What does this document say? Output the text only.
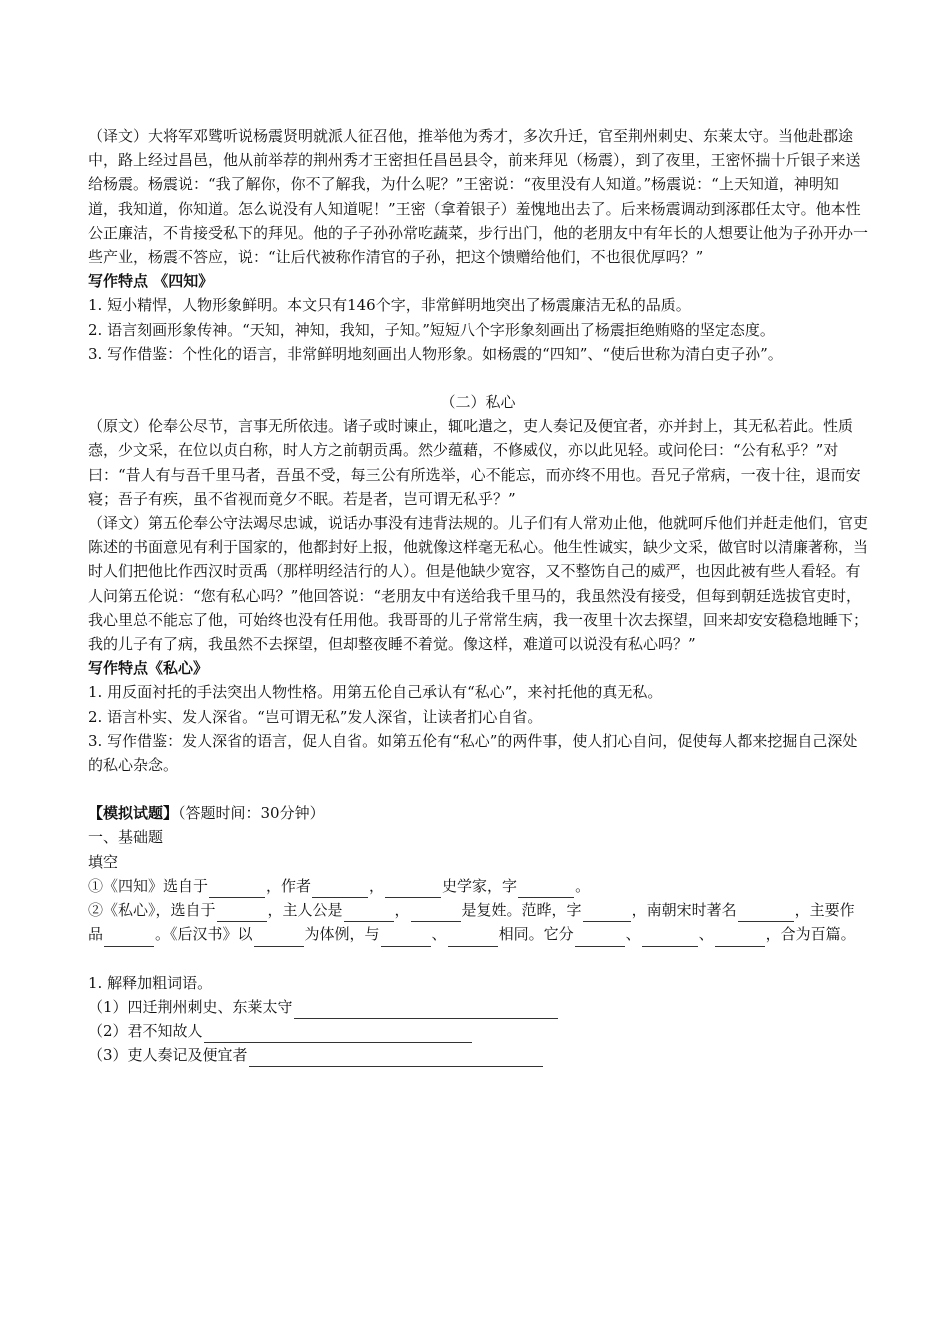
（译文）大将军邓骘听说杨震贤明就派人征召他，推举他为秀才，多次升迁，官至荆州刺史、东莱太守。当他赴郡途中，路上经过昌邑，他从前举荐的荆州秀才王密担任昌邑县令，前来拜见（杨震），到了夜里，王密怀揣十斤银子来送给杨震。杨震说：“我了解你，你不了解我，为什么呢？”王密说：“夜里没有人知道。”杨震说：“上天知道，神明知道，我知道，你知道。怎么说没有人知道呢！”王密（拿着银子）羞愧地出去了。后来杨震调动到涿郡任太守。他本性公正廉洁，不肯接受私下的拜见。他的子子孙孙常吃蔬菜，步行出门，他的老朋友中有年长的人想要让他为子孙开办一些产业，杨震不答应，说：“让后代被称作清官的子孙，把这个馈赠给他们，不也很优厚吗？”

写作特点 《四知》

1. 短小精悍，人物形象鲜明。本文只有146个字，非常鲜明地突出了杨震廉洁无私的品质。

2. 语言刻画形象传神。“天知，神知，我知，子知。”短短八个字形象刻画出了杨震拒绝贿赂的坚定态度。

3. 写作借鉴：个性化的语言，非常鲜明地刻画出人物形象。如杨震的“四知”、“使后世称为清白吏子孙”。

（二）私心

（原文）伦奉公尽节，言事无所依违。诸子或时谏止，辄叱遣之，吏人奏记及便宜者，亦并封上，其无私若此。性质悫，少文采，在位以贞白称，时人方之前朝贡禹。然少蕴藉，不修威仪，亦以此见轻。或问伦曰：“公有私乎？”对曰：“昔人有与吾千里马者，吾虽不受，每三公有所选举，心不能忘，而亦终不用也。吾兄子常病，一夜十往，退而安寝；吾子有疾，虽不省视而竟夕不眠。若是者，岂可谓无私乎？”

（译文）第五伦奉公守法竭尽忠诚，说话办事没有违背法规的。儿子们有人常劝止他，他就呵斥他们并赶走他们，官吏陈述的书面意见有利于国家的，他都封好上报，他就像这样毫无私心。他生性诚实，缺少文采，做官时以清廉著称，当时人们把他比作西汉时贡禹（那样明经洁行的人）。但是他缺少宽容，又不整饬自己的威严，也因此被有些人看轻。有人问第五伦说：“您有私心吗？”他回答说：“老朋友中有送给我千里马的，我虽然没有接受，但每到朝廷选拔官吏时，我心里总不能忘了他，可始终也没有任用他。我哥哥的儿子常常生病，我一夜里十次去探望，回来却安安稳稳地睡下；我的儿子有了病，我虽然不去探望，但却整夜睡不着觉。像这样，难道可以说没有私心吗？”

写作特点《私心》

1. 用反面衬托的手法突出人物性格。用第五伦自己承认有“私心”，来衬托他的真无私。

2. 语言朴实、发人深省。“岂可谓无私”发人深省，让读者扪心自省。

3. 写作借鉴：发人深省的语言，促人自省。如第五伦有“私心”的两件事，使人扪心自问，促使每人都来挖掘自己深处的私心杂念。

【模拟试题】（答题时间：30分钟）

一、基础题

填空

①《四知》选自于	，作者	，	史学家，字	。

②《私心》，选自于	，主人公是	，	是复姓。范晔，字	，南朝宋时著名	，主要作品	。《后汉书》以	为体例，与	、	相同。它分	、	、	，合为百篇。

1. 解释加粗词语。

（1）四迁荆州刺史、东莱太守

（2）君不知故人

（3）吏人奏记及便宜者
